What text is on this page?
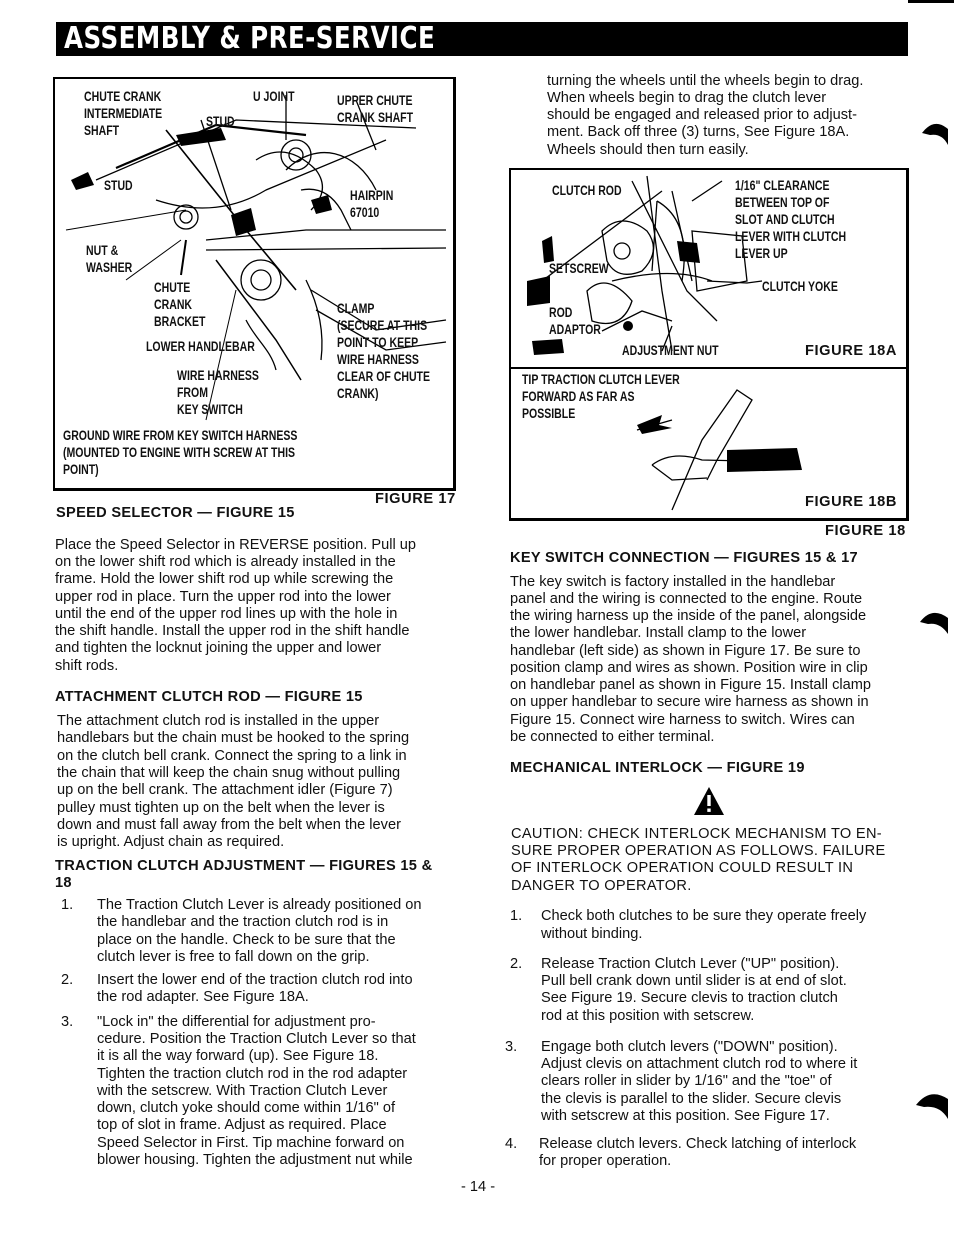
ASSEMBLY & PRE-SERVICE
CHUTE CRANK
INTERMEDIATE
SHAFT
STUD
U JOINT	UPPER CHUTE
CRANK SHAFT
STUD
HAIRPIN
67010
NUT &
WASHER
CHUTE
CRANK
BRACKET
CLAMP
(SECURE AT THIS
POINT TO KEEP
WIRE HARNESS
CLEAR OF CHUTE
CRANK)
LOWER HANDLEBAR
WIRE HARNESS
FROM
KEY SWITCH
GROUND WIRE FROM KEY SWITCH HARNESS
(MOUNTED TO ENGINE WITH SCREW AT THIS
POINT)
FIGURE 17
SPEED SELECTOR — FIGURE 15

Place the Speed Selector in REVERSE position. Pull up

on the lower shift rod which is already installed in the

frame. Hold the lower shift rod up while screwing the

upper rod in place. Turn the upper rod into the lower

until the end of the upper rod lines up with the hole in

the shift handle. Install the upper rod in the shift handle

and tighten the locknut joining the upper and lower

shift rods.

ATTACHMENT CLUTCH ROD — FIGURE 15

The attachment clutch rod is installed in the upper

handlebars but the chain must be hooked to the spring

on the clutch bell crank. Connect the spring to a link in

the chain that will keep the chain snug without pulling

up on the bell crank. The attachment idler (Figure 7)

pulley must tighten up on the belt when the lever is

down and must fall away from the belt when the lever

is upright. Adjust chain as required.

TRACTION CLUTCH ADJUSTMENT — FIGURES 15 &

18

1. The Traction Clutch Lever is already positioned on

the handlebar and the traction clutch rod is in

place on the handle. Check to be sure that the

clutch lever is free to fall down on the grip.

2. Insert the lower end of the traction clutch rod into

the rod adapter. See Figure 18A.

3. "Lock in" the differential for adjustment pro-

cedure. Position the Traction Clutch Lever so that

it is all the way forward (up). See Figure 18.

Tighten the traction clutch rod in the rod adapter

with the setscrew. With Traction Clutch Lever

down, clutch yoke should come within 1/16" of

top of slot in frame. Adjust as required. Place

Speed Selector in First. Tip machine forward on

blower housing. Tighten the adjustment nut while

turning the wheels until the wheels begin to drag.

When wheels begin to drag the clutch lever

should be engaged and released prior to adjust-

ment. Back off three (3) turns, See Figure 18A.

Wheels should then turn easily.

CLUTCH ROD	1/16" CLEARANCE
BETWEEN TOP OF
SLOT AND CLUTCH
LEVER WITH CLUTCH
LEVER UP
SETSCREW
CLUTCH YOKE
ROD
ADAPTOR
ADJUSTMENT NUT	FIGURE 18A
TIP TRACTION CLUTCH LEVER
FORWARD AS FAR AS
POSSIBLE
FIGURE 18B
FIGURE 18
KEY SWITCH CONNECTION — FIGURES 15 & 17

The key switch is factory installed in the handlebar

panel and the wiring is connected to the engine. Route

the wiring harness up the inside of the panel, alongside

the lower handlebar. Install clamp to the lower

handlebar (left side) as shown in Figure 17. Be sure to

position clamp and wires as shown. Position wire in clip

on handlebar panel as shown in Figure 15. Install clamp

on upper handlebar to secure wire harness as shown in

Figure 15. Connect wire harness to switch. Wires can

be connected to either terminal.

MECHANICAL INTERLOCK — FIGURE 19

CAUTION: CHECK INTERLOCK MECHANISM TO EN-

SURE PROPER OPERATION AS FOLLOWS. FAILURE

OF INTERLOCK OPERATION COULD RESULT IN

DANGER TO OPERATOR.

1. Check both clutches to be sure they operate freely

without binding.

2. Release Traction Clutch Lever ("UP" position).

Pull bell crank down until slider is at end of slot.

See Figure 19. Secure clevis to traction clutch

rod at this position with setscrew.

3. Engage both clutch levers ("DOWN" position).

Adjust clevis on attachment clutch rod to where it

clears roller in slider by 1/16" and the "toe" of

the clevis is parallel to the slider. Secure clevis

with setscrew at this position. See Figure 17.

4. Release clutch levers. Check latching of interlock

for proper operation.

- 14 -
